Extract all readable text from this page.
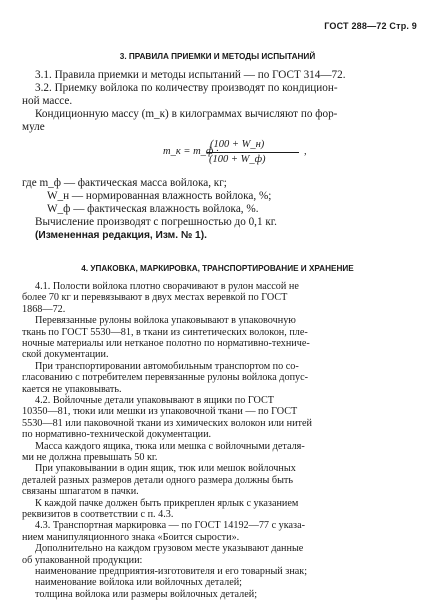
ГОСТ 288—72 Стр. 9
3. ПРАВИЛА ПРИЕМКИ И МЕТОДЫ ИСПЫТАНИЙ
3.1. Правила приемки и методы испытаний — по ГОСТ 314—72.
3.2. Приемку войлока по количеству производят по кондицион-
ной массе.
Кондиционную массу (m_к) в килограммах вычисляют по фор-
муле
m_к = m_ф ·
(100 + W_н)
(100 + W_ф)
,
где m_ф — фактическая масса войлока, кг;
W_н — нормированная влажность войлока, %;
W_ф — фактическая влажность войлока, %.
Вычисление производят с погрешностью до 0,1 кг.
(Измененная редакция, Изм. № 1).
4. УПАКОВКА, МАРКИРОВКА, ТРАНСПОРТИРОВАНИЕ И ХРАНЕНИЕ
4.1. Полости войлока плотно сворачивают в рулон массой не
более 70 кг и перевязывают в двух местах веревкой по ГОСТ
1868—72.
Перевязанные рулоны войлока упаковывают в упаковочную
ткань по ГОСТ 5530—81, в ткани из синтетических волокон, пле-
ночные материалы или нетканое полотно по нормативно-техниче-
ской документации.
При транспортировании автомобильным транспортом по со-
гласованию с потребителем перевязанные рулоны войлока допус-
кается не упаковывать.
4.2. Войлочные детали упаковывают в ящики по ГОСТ
10350—81, тюки или мешки из упаковочной ткани — по ГОСТ
5530—81 или паковочной ткани из химических волокон или нитей
по нормативно-технической документации.
Масса каждого ящика, тюка или мешка с войлочными деталя-
ми не должна превышать 50 кг.
При упаковывании в один ящик, тюк или мешок войлочных
деталей разных размеров детали одного размера должны быть
связаны шпагатом в пачки.
К каждой пачке должен быть прикреплен ярлык с указанием
реквизитов в соответствии с п. 4.3.
4.3. Транспортная маркировка — по ГОСТ 14192—77 с указа-
нием манипуляционного знака «Боится сырости».
Дополнительно на каждом грузовом месте указывают данные
об упакованной продукции:
наименование предприятия-изготовителя и его товарный знак;
наименование войлока или войлочных деталей;
толщина войлока или размеры войлочных деталей;
